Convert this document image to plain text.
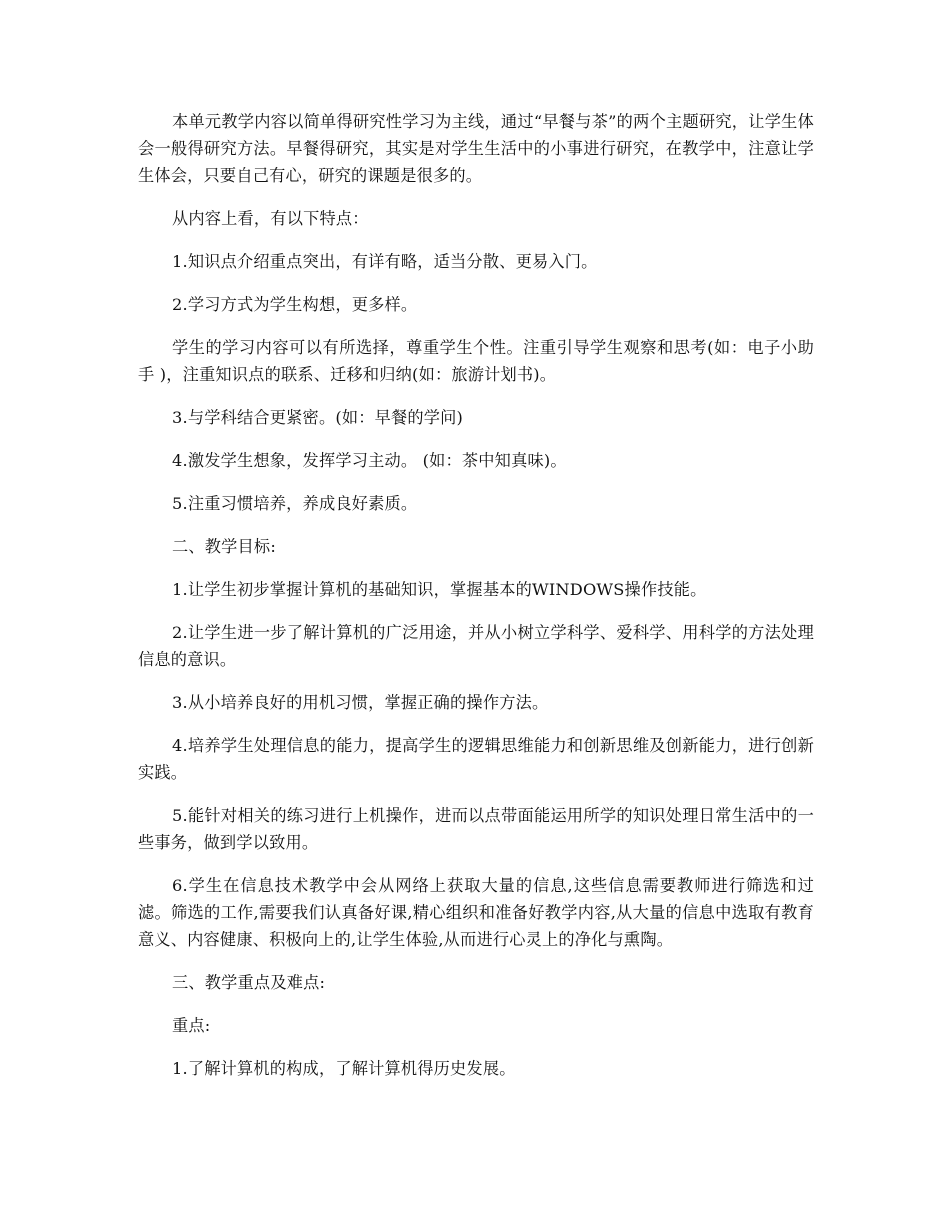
本单元教学内容以简单得研究性学习为主线，通过“早餐与茶”的两个主题研究，让学生体会一般得研究方法。早餐得研究，其实是对学生生活中的小事进行研究，在教学中，注意让学生体会，只要自己有心，研究的课题是很多的。

从内容上看，有以下特点：

1.知识点介绍重点突出，有详有略，适当分散、更易入门。

2.学习方式为学生构想，更多样。

学生的学习内容可以有所选择，尊重学生个性。注重引导学生观察和思考(如：电子小助手 )，注重知识点的联系、迁移和归纳(如：旅游计划书)。

3.与学科结合更紧密。(如：早餐的学问)

4.激发学生想象，发挥学习主动。 (如：茶中知真味)。

5.注重习惯培养，养成良好素质。

二、教学目标:

1.让学生初步掌握计算机的基础知识，掌握基本的WINDOWS操作技能。

2.让学生进一步了解计算机的广泛用途，并从小树立学科学、爱科学、用科学的方法处理信息的意识。

3.从小培养良好的用机习惯，掌握正确的操作方法。

4.培养学生处理信息的能力，提高学生的逻辑思维能力和创新思维及创新能力，进行创新实践。

5.能针对相关的练习进行上机操作，进而以点带面能运用所学的知识处理日常生活中的一些事务，做到学以致用。

6.学生在信息技术教学中会从网络上获取大量的信息,这些信息需要教师进行筛选和过滤。筛选的工作,需要我们认真备好课,精心组织和准备好教学内容,从大量的信息中选取有教育意义、内容健康、积极向上的,让学生体验,从而进行心灵上的净化与熏陶。

三、教学重点及难点:

重点:

1.了解计算机的构成，了解计算机得历史发展。
